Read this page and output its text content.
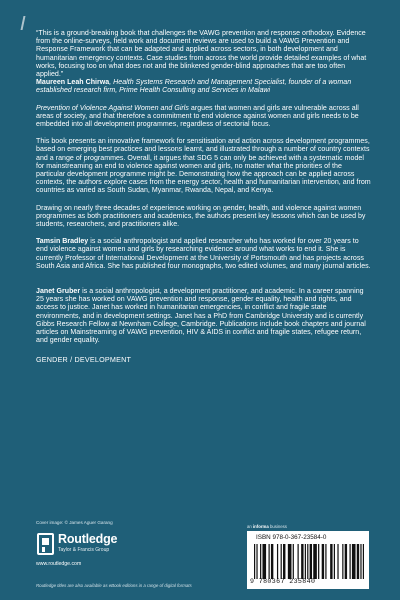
“This is a ground-breaking book that challenges the VAWG prevention and response orthodoxy. Evidence from the online-surveys, field work and document reviews are used to build a VAWG Prevention and Response Framework that can be adapted and applied across sectors, in both development and humanitarian emergency contexts. Case studies from across the world provide detailed examples of what works, focusing too on what does not and the blinkered gender-blind approaches that are too often applied.”

Maureen Leah Chirwa, Health Systems Research and Management Specialist, founder of a woman established research firm, Prime Health Consulting and Services in Malawi

Prevention of Violence Against Women and Girls argues that women and girls are vulnerable across all areas of society, and that therefore a commitment to end violence against women and girls needs to be embedded into all development programmes, regardless of sectorial focus.

This book presents an innovative framework for sensitisation and action across development programmes, based on emerging best practices and lessons learnt, and illustrated through a number of country contexts and a range of programmes. Overall, it argues that SDG 5 can only be achieved with a systematic model for mainstreaming an end to violence against women and girls, no matter what the priorities of the particular development programme might be. Demonstrating how the approach can be applied across contexts, the authors explore cases from the energy sector, health and humanitarian intervention, and from countries as varied as South Sudan, Myanmar, Rwanda, Nepal, and Kenya.

Drawing on nearly three decades of experience working on gender, health, and violence against women programmes as both practitioners and academics, the authors present key lessons which can be used by students, researchers, and practitioners alike.

Tamsin Bradley is a social anthropologist and applied researcher who has worked for over 20 years to end violence against women and girls by researching evidence around what works to end it. She is currently Professor of International Development at the University of Portsmouth and has projects across South Asia and Africa. She has published four monographs, two edited volumes, and many journal articles.

Janet Gruber is a social anthropologist, a development practitioner, and academic. In a career spanning 25 years she has worked on VAWG prevention and response, gender equality, health and rights, and access to justice. Janet has worked in humanitarian emergencies, in conflict and fragile state environments, and in development settings. Janet has a PhD from Cambridge University and is currently Gibbs Research Fellow at Newnham College, Cambridge. Publications include book chapters and journal articles on Mainstreaming of VAWG prevention, HIV & AIDS in conflict and fragile states, refugee return, and gender equality.

GENDER / DEVELOPMENT

Cover image: © James Aguer Garang
Routledge
Taylor & Francis Group
www.routledge.com
Routledge titles are also available as eBook editions in a range of digital formats
an informa business
ISBN 978-0-367-23584-0
9 780367 235840
